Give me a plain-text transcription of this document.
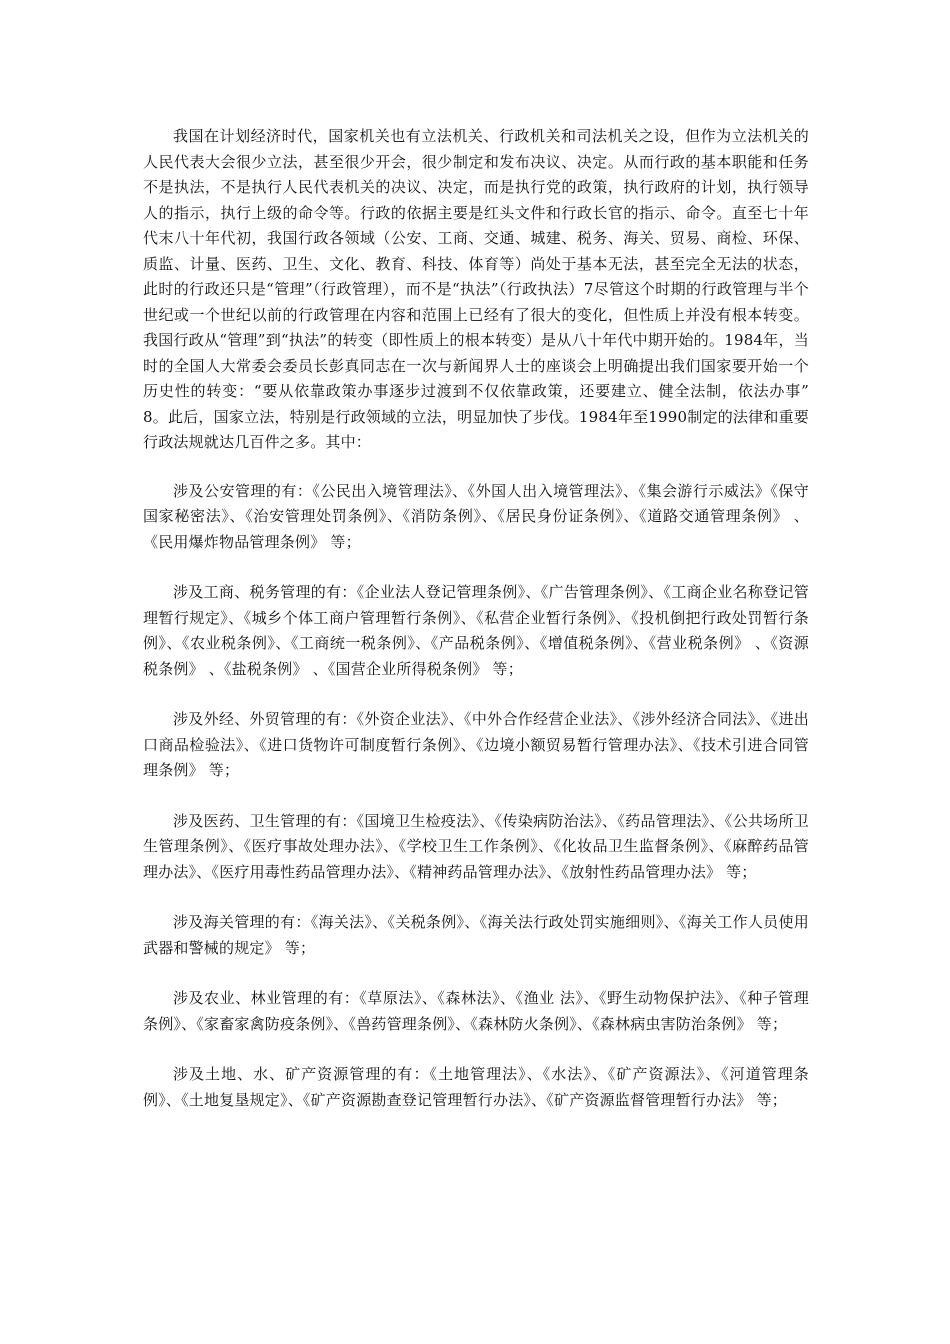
我国在计划经济时代，国家机关也有立法机关、行政机关和司法机关之设，但作为立法机关的人民代表大会很少立法，甚至很少开会，很少制定和发布决议、决定。从而行政的基本职能和任务不是执法，不是执行人民代表机关的决议、决定，而是执行党的政策，执行政府的计划，执行领导人的指示，执行上级的命令等。行政的依据主要是红头文件和行政长官的指示、命令。直至七十年代末八十年代初，我国行政各领域（公安、工商、交通、城建、税务、海关、贸易、商检、环保、质监、计量、医药、卫生、文化、教育、科技、体育等）尚处于基本无法，甚至完全无法的状态，此时的行政还只是“管理”（行政管理），而不是“执法”（行政执法）7尽管这个时期的行政管理与半个世纪或一个世纪以前的行政管理在内容和范围上已经有了很大的变化，但性质上并没有根本转变。我国行政从“管理”到“执法”的转变（即性质上的根本转变）是从八十年代中期开始的。1984年，当时的全国人大常委会委员长彭真同志在一次与新闻界人士的座谈会上明确提出我们国家要开始一个历史性的转变：“要从依靠政策办事逐步过渡到不仅依靠政策，还要建立、健全法制，依法办事” 8。此后，国家立法，特别是行政领域的立法，明显加快了步伐。1984年至1990制定的法律和重要行政法规就达几百件之多。其中：

涉及公安管理的有：《公民出入境管理法》、《外国人出入境管理法》、《集会游行示威法》《保守国家秘密法》、《治安管理处罚条例》、《消防条例》、《居民身份证条例》、《道路交通管理条例》 、《民用爆炸物品管理条例》 等；

涉及工商、税务管理的有：《企业法人登记管理条例》、《广告管理条例》、《工商企业名称登记管理暂行规定》、《城乡个体工商户管理暂行条例》、《私营企业暂行条例》、《投机倒把行政处罚暂行条例》、《农业税条例》、《工商统一税条例》、《产品税条例》、《增值税条例》、《营业税条例》 、《资源税条例》 、《盐税条例》 、《国营企业所得税条例》 等；

涉及外经、外贸管理的有：《外资企业法》、《中外合作经营企业法》、《涉外经济合同法》、《进出口商品检验法》、《进口货物许可制度暂行条例》、《边境小额贸易暂行管理办法》、《技术引进合同管理条例》 等；

涉及医药、卫生管理的有：《国境卫生检疫法》、《传染病防治法》、《药品管理法》、《公共场所卫生管理条例》、《医疗事故处理办法》、《学校卫生工作条例》、《化妆品卫生监督条例》、《麻醉药品管理办法》、《医疗用毒性药品管理办法》、《精神药品管理办法》、《放射性药品管理办法》 等；

涉及海关管理的有：《海关法》、《关税条例》、《海关法行政处罚实施细则》、《海关工作人员使用武器和警械的规定》 等；

涉及农业、林业管理的有：《草原法》、《森林法》、《渔业 法》、《野生动物保护法》、《种子管理条例》、《家畜家禽防疫条例》、《兽药管理条例》、《森林防火条例》、《森林病虫害防治条例》 等；

涉及土地、水、矿产资源管理的有：《土地管理法》、《水法》、《矿产资源法》、《河道管理条例》、《土地复垦规定》、《矿产资源勘查登记管理暂行办法》、《矿产资源监督管理暂行办法》 等；
